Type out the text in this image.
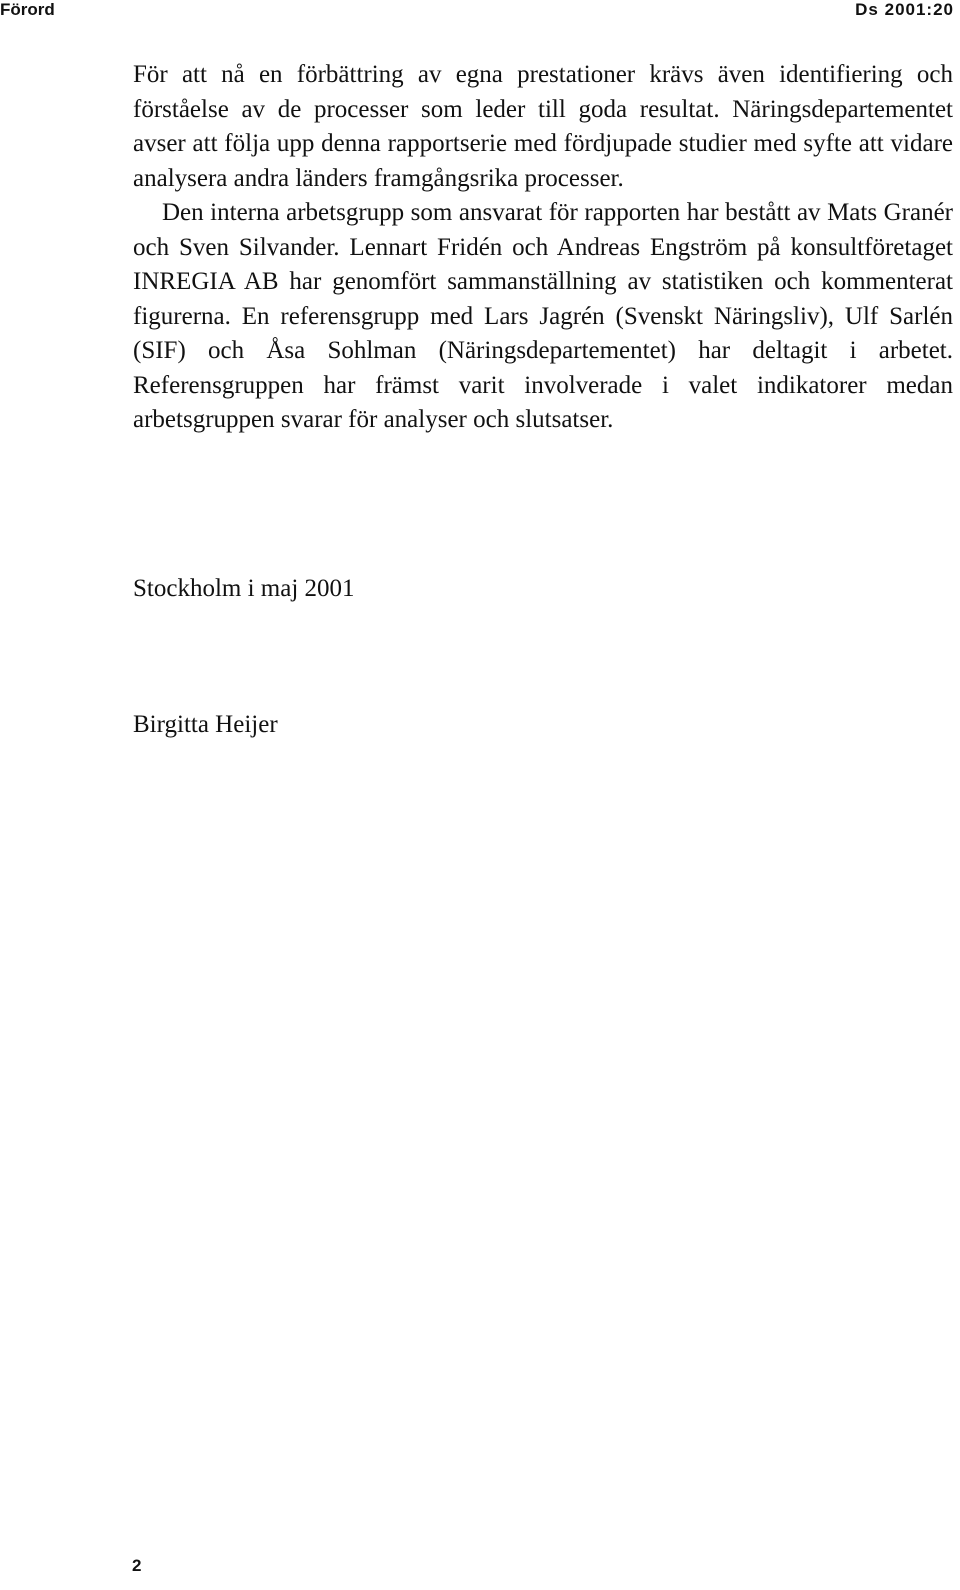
Förord	Ds 2001:20

För att nå en förbättring av egna prestationer krävs även identifiering och förståelse av de processer som leder till goda resultat. Näringsdepartementet avser att följa upp denna rapportserie med fördjupade studier med syfte att vidare analysera andra länders framgångsrika processer.

Den interna arbetsgrupp som ansvarat för rapporten har bestått av Mats Granér och Sven Silvander. Lennart Fridén och Andreas Engström på konsultföretaget INREGIA AB har genomfört sammanställning av statistiken och kommenterat figurerna. En referensgrupp med Lars Jagrén (Svenskt Näringsliv), Ulf Sarlén (SIF) och Åsa Sohlman (Näringsdepartementet) har deltagit i arbetet. Referensgruppen har främst varit involverade i valet indikatorer medan arbetsgruppen svarar för analyser och slutsatser.

Stockholm i maj 2001
Birgitta Heijer
2
